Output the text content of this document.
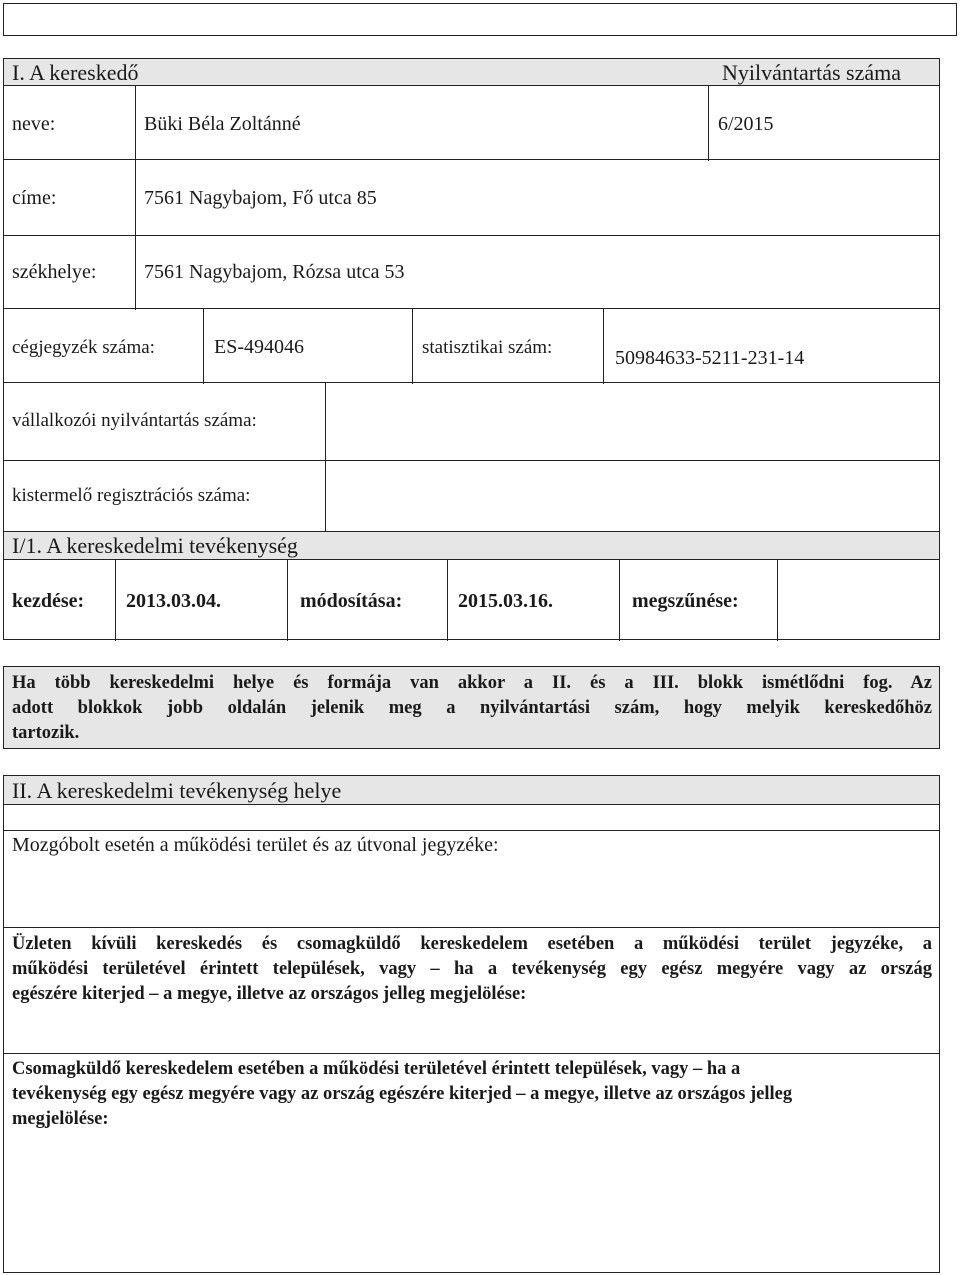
I. A kereskedő	Nyilvántartás száma
neve:	Büki Béla Zoltánné	6/2015
címe:	7561 Nagybajom, Fő utca 85
székhelye: 7561 Nagybajom, Rózsa utca 53
cégjegyzék száma:	ES-494046	statisztikai szám:	50984633-5211-231-14
vállalkozói nyilvántartás száma:
kistermelő regisztrációs száma:
I/1. A kereskedelmi tevékenység
kezdése: 2013.03.04.	módosítása:	2015.03.16.	megszűnése:
Ha több kereskedelmi helye és formája van akkor a II. és a III. blokk ismétlődni fog. Az
adott blokkok jobb oldalán jelenik meg a nyilvántartási szám, hogy melyik kereskedőhöz
tartozik.
II. A kereskedelmi tevékenység helye
Mozgóbolt esetén a működési terület és az útvonal jegyzéke:
Üzleten kívüli kereskedés és csomagküldő kereskedelem esetében a működési terület jegyzéke, a
működési területével érintett települések, vagy – ha a tevékenység egy egész megyére vagy az ország
egészére kiterjed – a megye, illetve az országos jelleg megjelölése:
Csomagküldő kereskedelem esetében a működési területével érintett települések, vagy – ha a
tevékenység egy egész megyére vagy az ország egészére kiterjed – a megye, illetve az országos jelleg
megjelölése:
